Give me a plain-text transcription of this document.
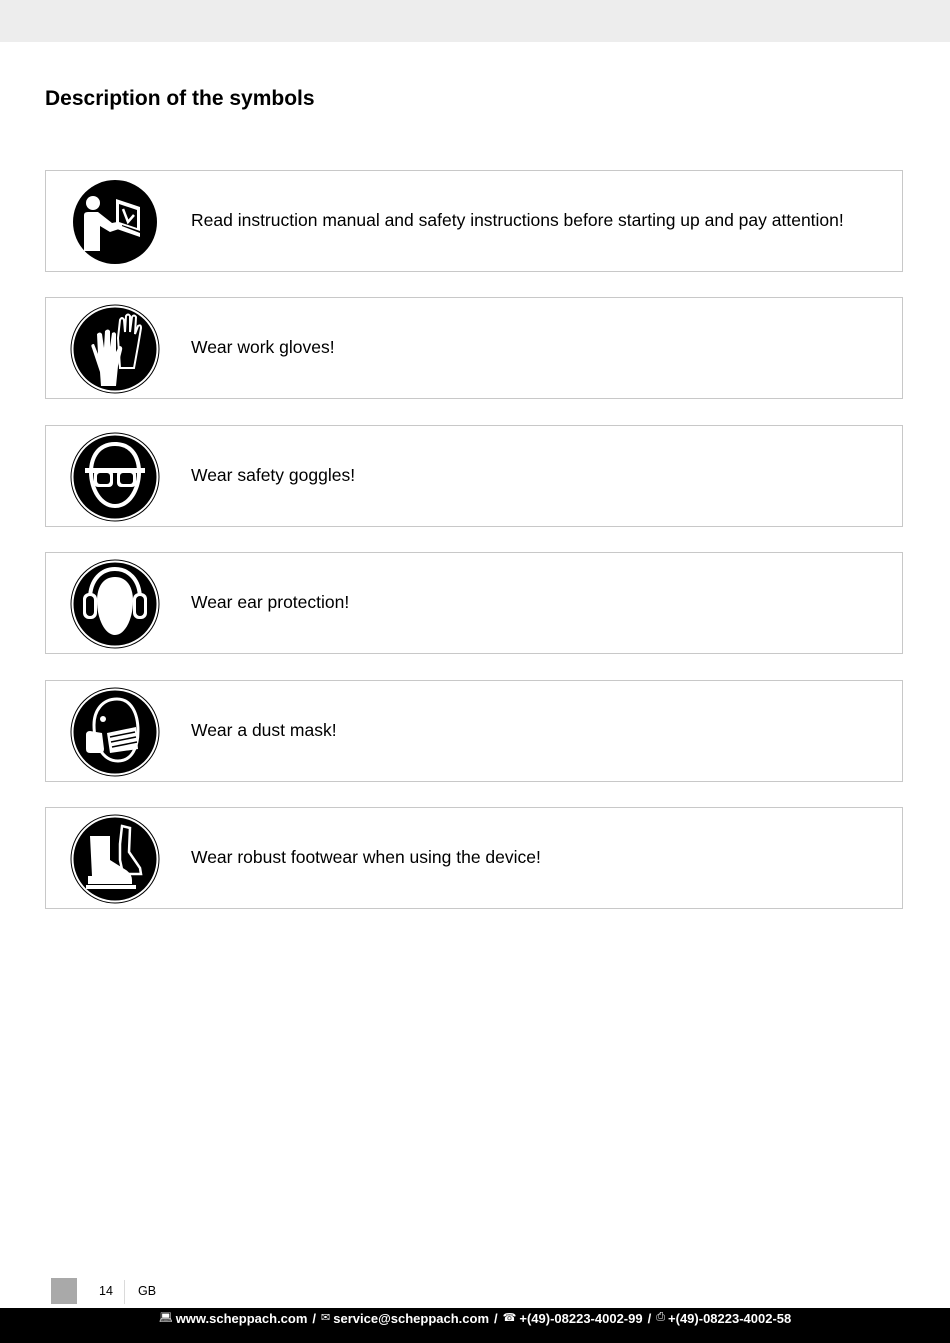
Description of the symbols
Read instruction manual and safety instructions before starting up and pay attention!
Wear work gloves!
Wear safety goggles!
Wear ear protection!
Wear a dust mask!
Wear robust footwear when using the device!
14 GB
💻︎ www.scheppach.com / ✉︎ service@scheppach.com / ☎︎ +(49)-08223-4002-99 / ⎙ +(49)-08223-4002-58
